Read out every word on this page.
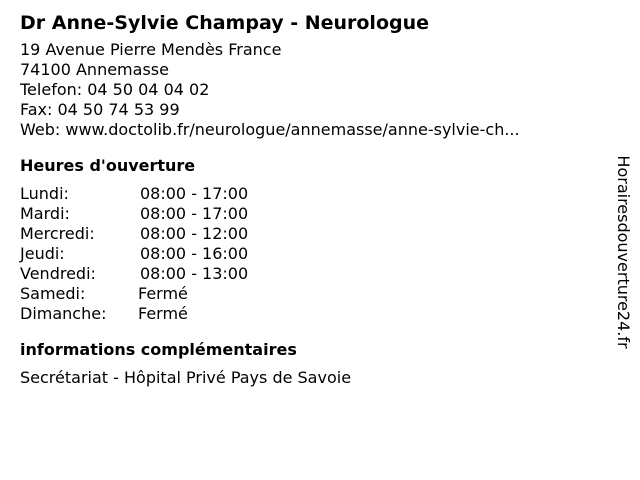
Dr Anne-Sylvie Champay - Neurologue
19 Avenue Pierre Mendès France
74100 Annemasse
Telefon: 04 50 04 04 02
Fax: 04 50 74 53 99
Web: www.doctolib.fr/neurologue/annemasse/anne-sylvie-ch...
Heures d'ouverture
Lundi:	08:00 - 17:00
Mardi:	08:00 - 17:00
Mercredi:	08:00 - 12:00
Jeudi:	08:00 - 16:00
Vendredi:	08:00 - 13:00
Samedi:	Fermé
Dimanche:	Fermé
informations complémentaires
Secrétariat - Hôpital Privé Pays de Savoie
Horairesdouverture24.fr
